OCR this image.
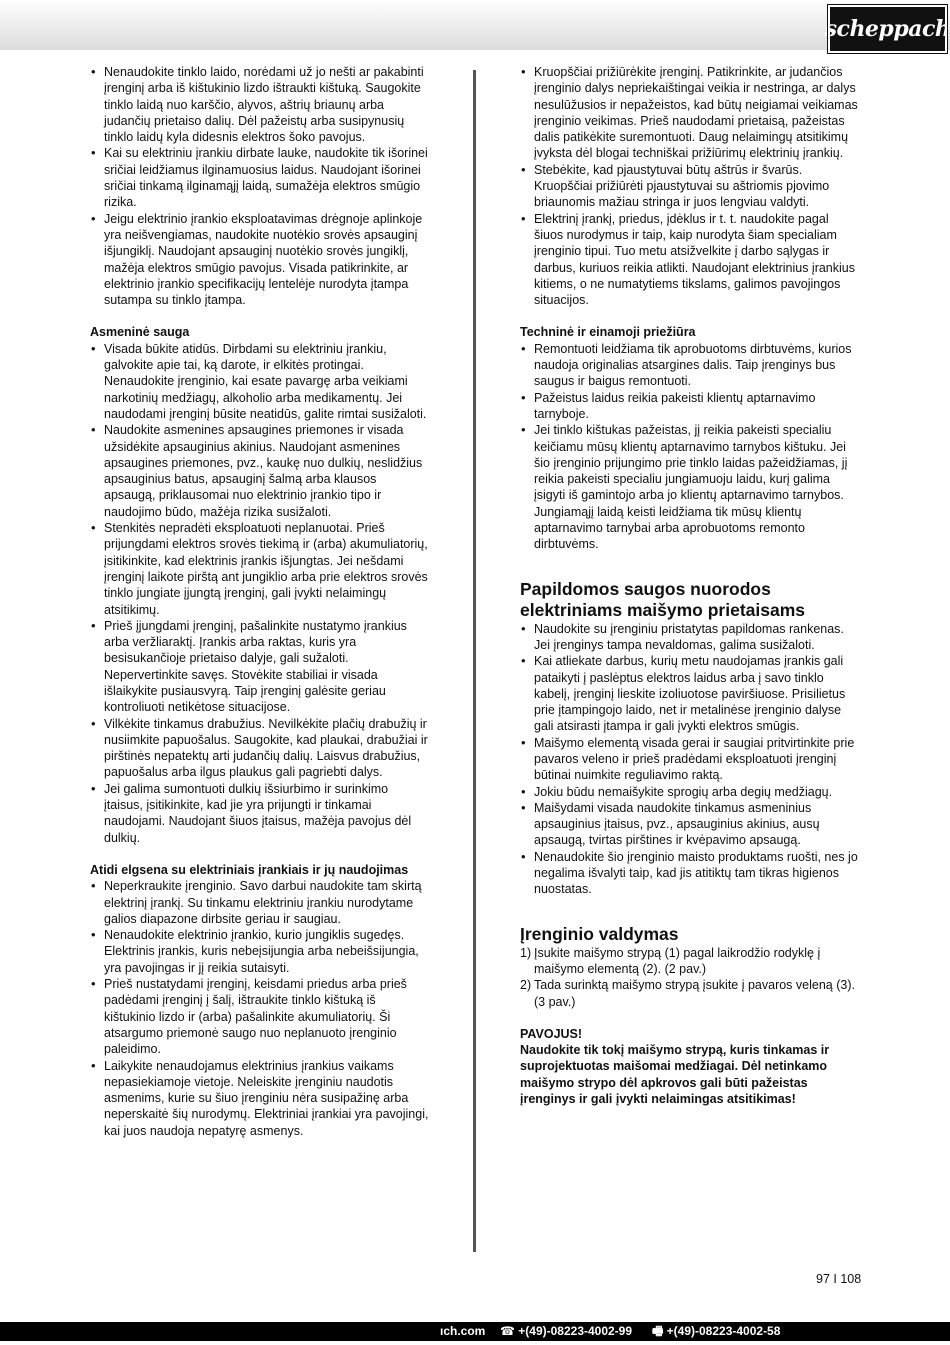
scheppach
• Nenaudokite tinklo laido, norėdami už jo nešti ar pakabinti įrenginį arba iš kištukinio lizdo ištraukti kištuką. Saugokite tinklo laidą nuo karščio, alyvos, aštrių briaunų arba judančių prietaiso dalių. Dėl pažeistų arba susipynusių tinklo laidų kyla didesnis elektros šoko pavojus.
• Kai su elektriniu įrankiu dirbate lauke, naudokite tik išorinei sričiai leidžiamus ilginamuosius laidus. Naudojant išorinei sričiai tinkamą ilginamąjį laidą, sumažėja elektros smūgio rizika.
• Jeigu elektrinio įrankio eksploatavimas drėgnoje aplinkoje yra neišvengiamas, naudokite nuotėkio srovės apsauginį išjungiklį. Naudojant apsauginį nuotėkio srovės jungiklį, mažėja elektros smūgio pavojus. Visada patikrinkite, ar elektrinio įrankio specifikacijų lentelėje nurodyta įtampa sutampa su tinklo įtampa.

Asmeninė sauga

• Visada būkite atidūs. Dirbdami su elektriniu įrankiu, galvokite apie tai, ką darote, ir elkitės protingai. Nenaudokite įrenginio, kai esate pavargę arba veikiami narkotinių medžiagų, alkoholio arba medikamentų. Jei naudodami įrenginį būsite neatidūs, galite rimtai susižaloti.
• Naudokite asmenines apsaugines priemones ir visada užsidėkite apsauginius akinius. Naudojant asmenines apsaugines priemones, pvz., kaukę nuo dulkių, neslidžius apsauginius batus, apsauginį šalmą arba klausos apsaugą, priklausomai nuo elektrinio įrankio tipo ir naudojimo būdo, mažėja rizika susižaloti.
• Stenkitės nepradėti eksploatuoti neplanuotai. Prieš prijungdami elektros srovės tiekimą ir (arba) akumuliatorių, įsitikinkite, kad elektrinis įrankis išjungtas. Jei nešdami įrenginį laikote pirštą ant jungiklio arba prie elektros srovės tinklo jungiate įjungtą įrenginį, gali įvykti nelaimingų atsitikimų.
• Prieš įjungdami įrenginį, pašalinkite nustatymo įrankius arba veržliaraktį. Įrankis arba raktas, kuris yra besisukančioje prietaiso dalyje, gali sužaloti. Nepervertinkite savęs. Stovėkite stabiliai ir visada išlaikykite pusiausvyrą. Taip įrenginį galėsite geriau kontroliuoti netikėtose situacijose.
• Vilkėkite tinkamus drabužius. Nevilkėkite plačių drabužių ir nusiimkite papuošalus. Saugokite, kad plaukai, drabužiai ir pirštinės nepatektų arti judančių dalių. Laisvus drabužius, papuošalus arba ilgus plaukus gali pagriebti dalys.
• Jei galima sumontuoti dulkių išsiurbimo ir surinkimo įtaisus, įsitikinkite, kad jie yra prijungti ir tinkamai naudojami. Naudojant šiuos įtaisus, mažėja pavojus dėl dulkių.

Atidi elgsena su elektriniais įrankiais ir jų naudojimas

• Neperkraukite įrenginio. Savo darbui naudokite tam skirtą elektrinį įrankį. Su tinkamu elektriniu įrankiu nurodytame galios diapazone dirbsite geriau ir saugiau.
• Nenaudokite elektrinio įrankio, kurio jungiklis sugedęs. Elektrinis įrankis, kuris nebeįsijungia arba nebeišsijungia, yra pavojingas ir jį reikia sutaisyti.
• Prieš nustatydami įrenginį, keisdami priedus arba prieš padėdami įrenginį į šalį, ištraukite tinklo kištuką iš kištukinio lizdo ir (arba) pašalinkite akumuliatorių. Ši atsargumo priemonė saugo nuo neplanuoto įrenginio paleidimo.
• Laikykite nenaudojamus elektrinius įrankius vaikams nepasiekiamoje vietoje. Neleiskite įrenginiu naudotis asmenims, kurie su šiuo įrenginiu nėra susipažinę arba neperskaitė šių nurodymų. Elektriniai įrankiai yra pavojingi, kai juos naudoja nepatyrę asmenys.
• Kruopščiai prižiūrėkite įrenginį. Patikrinkite, ar judančios įrenginio dalys nepriekaištingai veikia ir nestringa, ar dalys nesulūžusios ir nepažeistos, kad būtų neigiamai veikiamas įrenginio veikimas. Prieš naudodami prietaisą, pažeistas dalis patikėkite suremontuoti. Daug nelaimingų atsitikimų įvyksta dėl blogai techniškai prižiūrimų elektrinių įrankių.
• Stebėkite, kad pjaustytuvai būtų aštrūs ir švarūs. Kruopščiai prižiūrėti pjaustytuvai su aštriomis pjovimo briaunomis mažiau stringa ir juos lengviau valdyti.
• Elektrinį įrankį, priedus, įdėklus ir t. t. naudokite pagal šiuos nurodymus ir taip, kaip nurodyta šiam specialiam įrenginio tipui. Tuo metu atsižvelkite į darbo sąlygas ir darbus, kuriuos reikia atlikti. Naudojant elektrinius įrankius kitiems, o ne numatytiems tikslams, galimos pavojingos situacijos.

Techninė ir einamoji priežiūra

• Remontuoti leidžiama tik aprobuotoms dirbtuvėms, kurios naudoja originalias atsargines dalis. Taip įrenginys bus saugus ir baigus remontuoti.
• Pažeistus laidus reikia pakeisti klientų aptarnavimo tarnyboje.
• Jei tinklo kištukas pažeistas, jį reikia pakeisti specialiu keičiamu mūsų klientų aptarnavimo tarnybos kištuku. Jei šio įrenginio prijungimo prie tinklo laidas pažeidžiamas, jį reikia pakeisti specialiu jungiamuoju laidu, kurį galima įsigyti iš gamintojo arba jo klientų aptarnavimo tarnybos. Jungiamąjį laidą keisti leidžiama tik mūsų klientų aptarnavimo tarnybai arba aprobuotoms remonto dirbtuvėms.

Papildomos saugos nuorodos elektriniams maišymo prietaisams

• Naudokite su įrenginiu pristatytas papildomas rankenas. Jei įrenginys tampa nevaldomas, galima susižaloti.
• Kai atliekate darbus, kurių metu naudojamas įrankis gali pataikyti į paslėptus elektros laidus arba į savo tinklo kabelį, įrenginį lieskite izoliuotose paviršiuose. Prisilietus prie įtampingojo laido, net ir metalinėse įrenginio dalyse gali atsirasti įtampa ir gali įvykti elektros smūgis.
• Maišymo elementą visada gerai ir saugiai pritvirtinkite prie pavaros veleno ir prieš pradėdami eksploatuoti įrenginį būtinai nuimkite reguliavimo raktą.
• Jokiu būdu nemaišykite sprogių arba degių medžiagų.
• Maišydami visada naudokite tinkamus asmeninius apsauginius įtaisus, pvz., apsauginius akinius, ausų apsaugą, tvirtas pirštines ir kvėpavimo apsaugą.
• Nenaudokite šio įrenginio maisto produktams ruošti, nes jo negalima išvalyti taip, kad jis atitiktų tam tikras higienos nuostatas.

Įrenginio valdymas

1) Įsukite maišymo strypą (1) pagal laikrodžio rodyklę į maišymo elementą (2). (2 pav.)
2) Tada surinktą maišymo strypą įsukite į pavaros veleną (3). (3 pav.)

PAVOJUS!

Naudokite tik tokį maišymo strypą, kuris tinkamas ir suprojektuotas maišomai medžiagai. Dėl netinkamo maišymo strypo dėl apkrovos gali būti pažeistas įrenginys ir gali įvykti nelaimingas atsitikimas!

97 I 108
ıch.com ☎ +(49)-08223-4002-99 🖷 +(49)-08223-4002-58
